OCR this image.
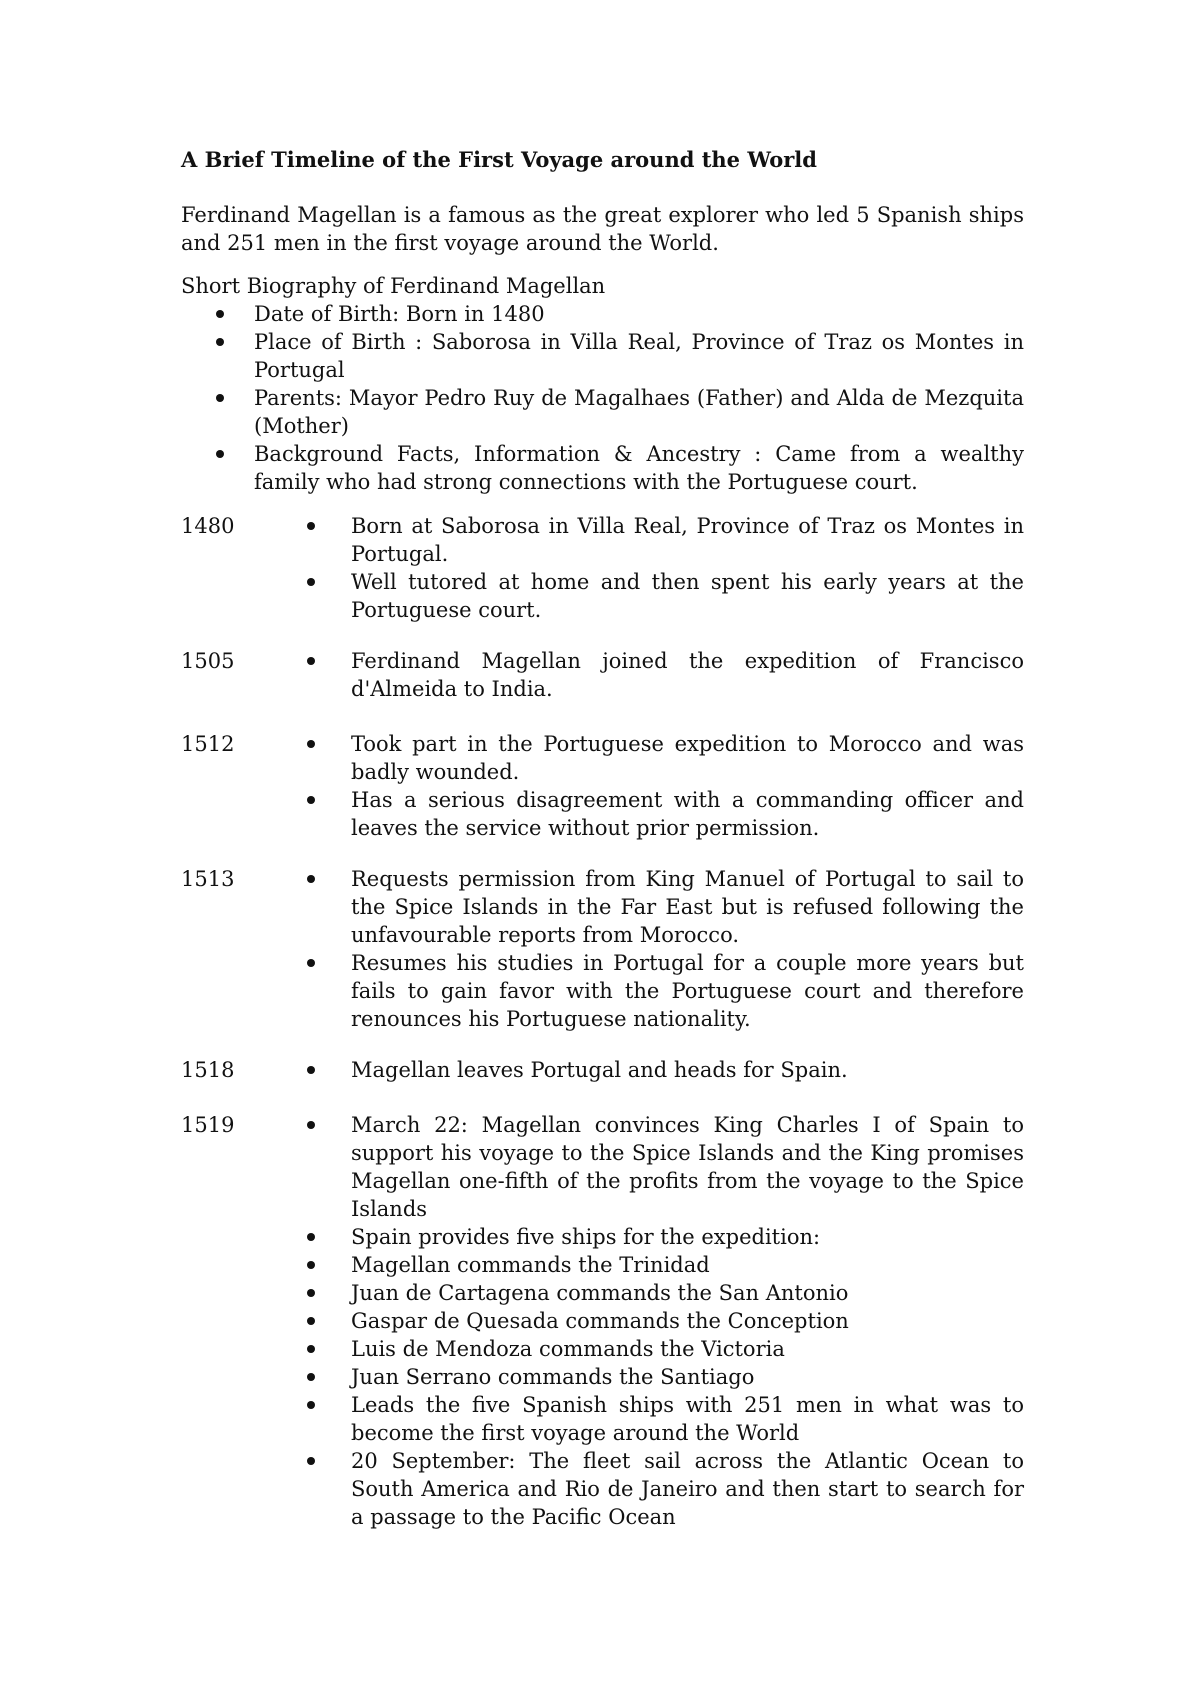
A Brief Timeline of the First Voyage around the World

Ferdinand Magellan is a famous as the great explorer who led 5 Spanish ships and 251 men in the first voyage around the World.

Short Biography of Ferdinand Magellan

Date of Birth: Born in 1480
Place of Birth : Saborosa in Villa Real, Province of Traz os Montes in Portugal
Parents: Mayor Pedro Ruy de Magalhaes (Father) and Alda de Mezquita (Mother)
Background Facts, Information & Ancestry : Came from a wealthy family who had strong connections with the Portuguese court.
1480	Born at Saborosa in Villa Real, Province of Traz os Montes in Portugal.
Well tutored at home and then spent his early years at the Portuguese court.
1505	Ferdinand Magellan joined the expedition of Francisco d'Almeida to India.
1512	Took part in the Portuguese expedition to Morocco and was badly wounded.
Has a serious disagreement with a commanding officer and leaves the service without prior permission.
1513	Requests permission from King Manuel of Portugal to sail to the Spice Islands in the Far East but is refused following the unfavourable reports from Morocco.
Resumes his studies in Portugal for a couple more years but fails to gain favor with the Portuguese court and therefore renounces his Portuguese nationality.
1518	Magellan leaves Portugal and heads for Spain.
1519	March 22: Magellan convinces King Charles I of Spain to support his voyage to the Spice Islands and the King promises Magellan one-fifth of the profits from the voyage to the Spice Islands
Spain provides five ships for the expedition:
Magellan commands the Trinidad
Juan de Cartagena commands the San Antonio
Gaspar de Quesada commands the Conception
Luis de Mendoza commands the Victoria
Juan Serrano commands the Santiago
Leads the five Spanish ships with 251 men in what was to become the first voyage around the World
20 September: The fleet sail across the Atlantic Ocean to South America and Rio de Janeiro and then start to search for a passage to the Pacific Ocean
